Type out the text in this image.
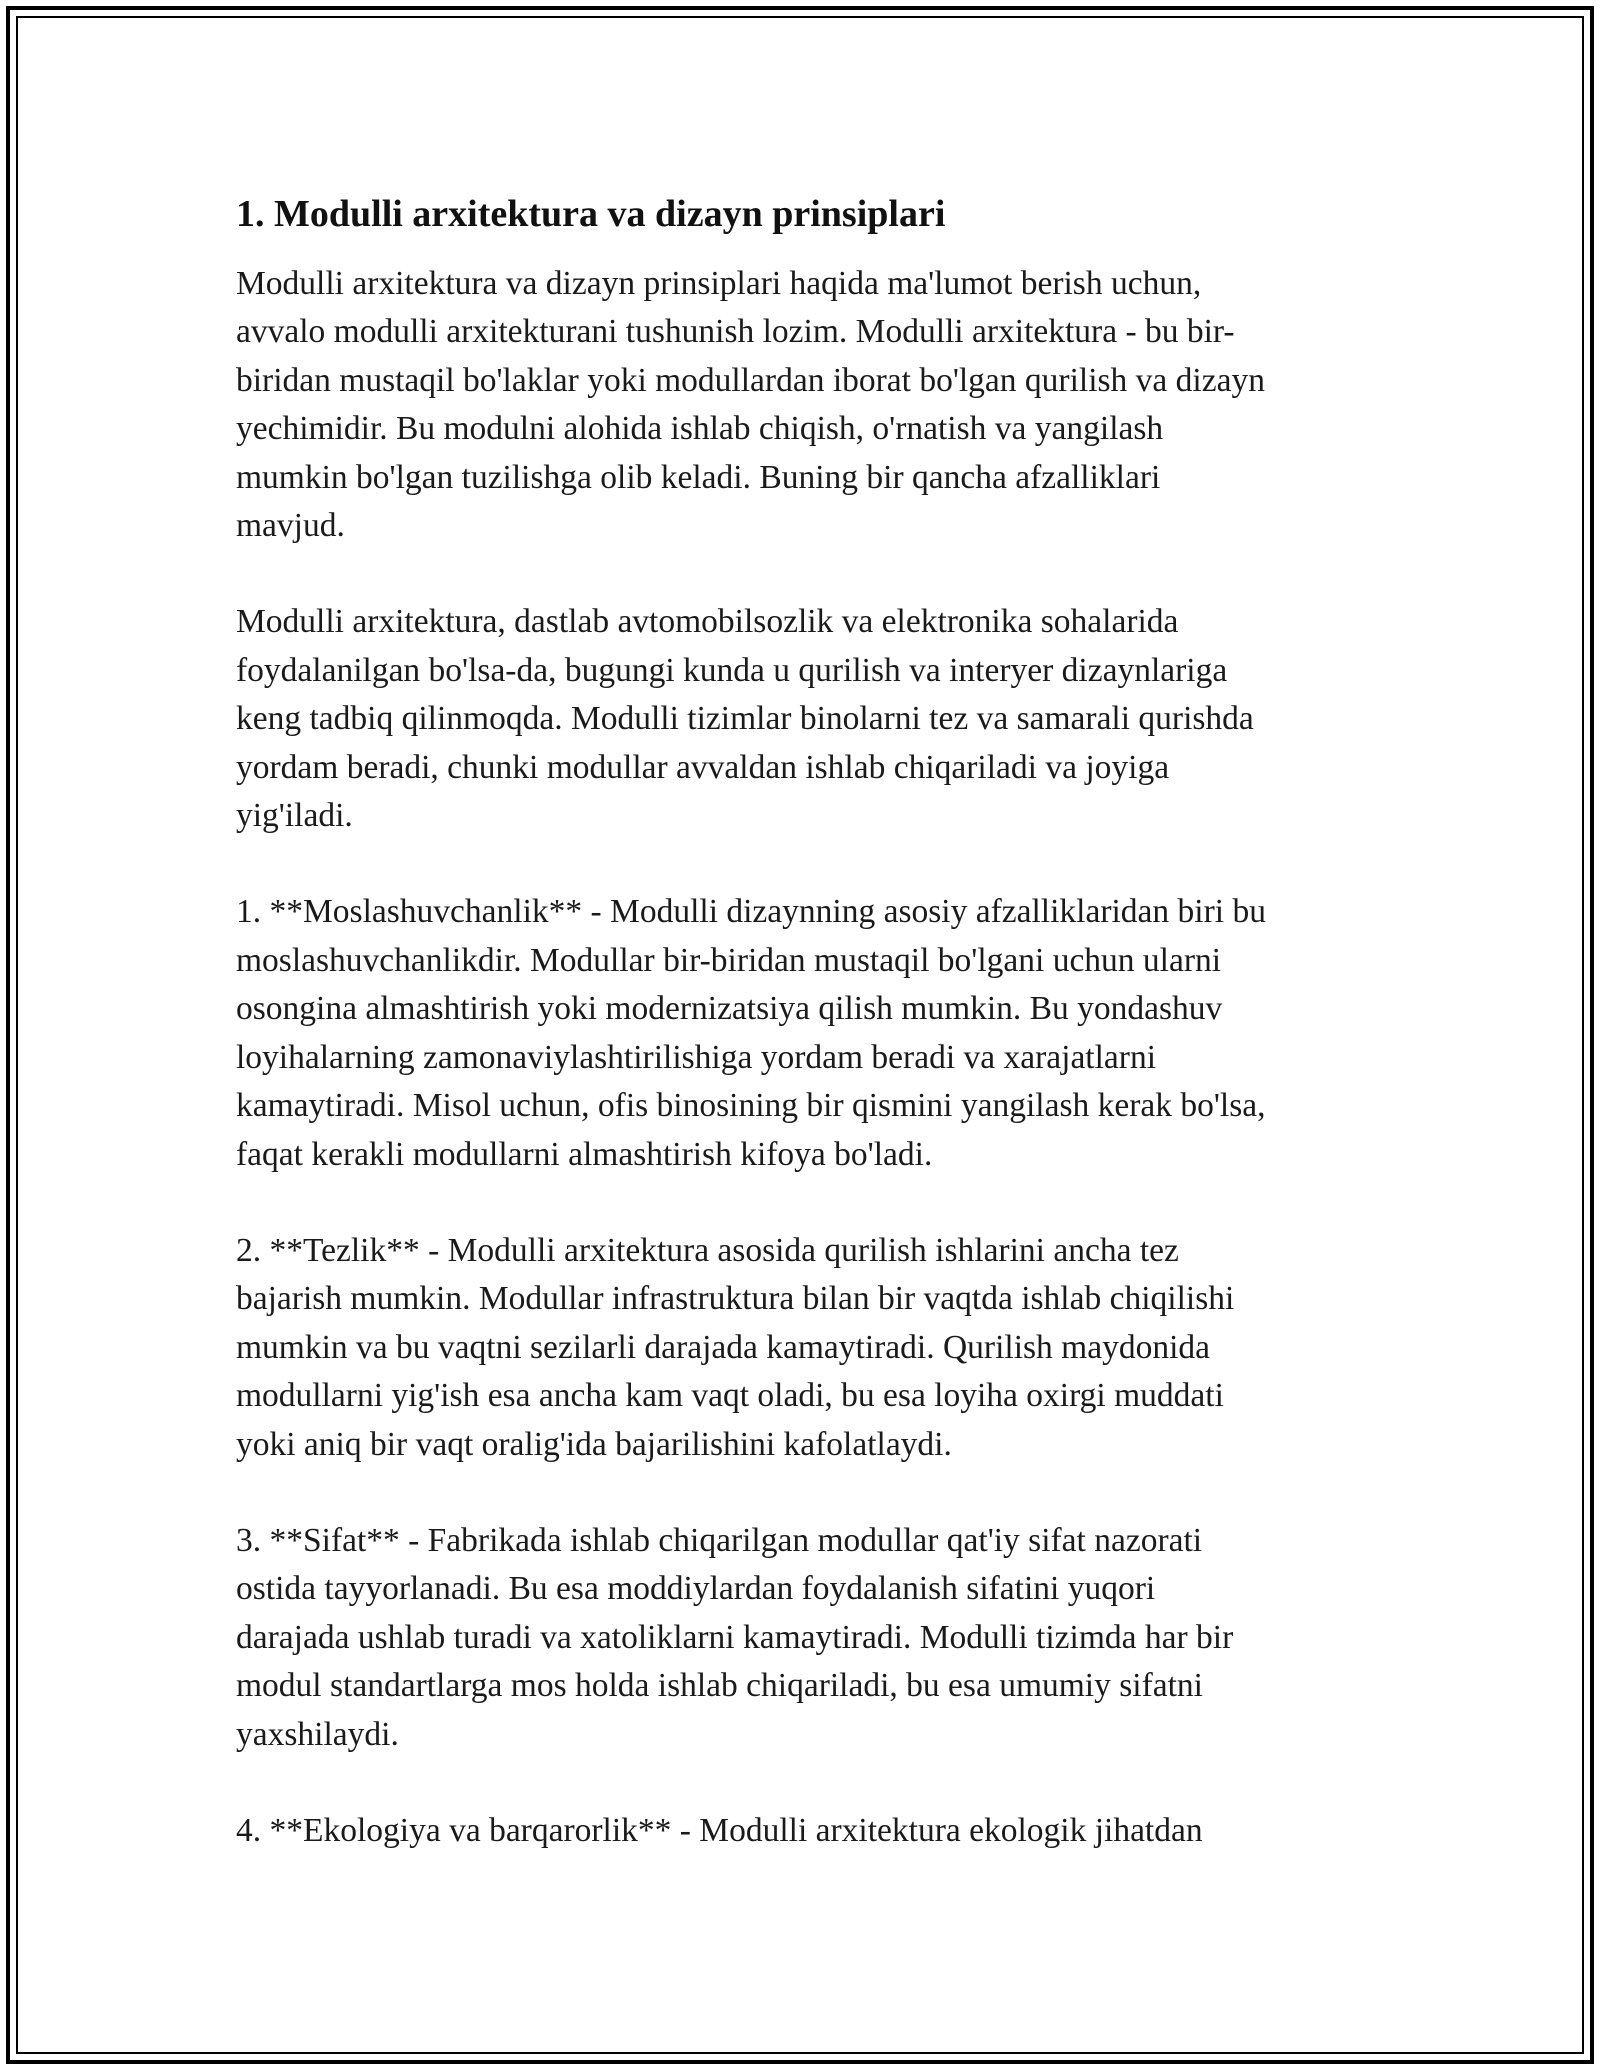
1. Modulli arxitektura va dizayn prinsiplari

Modulli arxitektura va dizayn prinsiplari haqida ma'lumot berish uchun,
avvalo modulli arxitekturani tushunish lozim. Modulli arxitektura - bu bir-
biridan mustaqil bo'laklar yoki modullardan iborat bo'lgan qurilish va dizayn
yechimidir. Bu modulni alohida ishlab chiqish, o'rnatish va yangilash
mumkin bo'lgan tuzilishga olib keladi. Buning bir qancha afzalliklari
mavjud.

Modulli arxitektura, dastlab avtomobilsozlik va elektronika sohalarida
foydalanilgan bo'lsa-da, bugungi kunda u qurilish va interyer dizaynlariga
keng tadbiq qilinmoqda. Modulli tizimlar binolarni tez va samarali qurishda
yordam beradi, chunki modullar avvaldan ishlab chiqariladi va joyiga
yig'iladi.

1. **Moslashuvchanlik** - Modulli dizaynning asosiy afzalliklaridan biri bu
moslashuvchanlikdir. Modullar bir-biridan mustaqil bo'lgani uchun ularni
osongina almashtirish yoki modernizatsiya qilish mumkin. Bu yondashuv
loyihalarning zamonaviylashtirilishiga yordam beradi va xarajatlarni
kamaytiradi. Misol uchun, ofis binosining bir qismini yangilash kerak bo'lsa,
faqat kerakli modullarni almashtirish kifoya bo'ladi.

2. **Tezlik** - Modulli arxitektura asosida qurilish ishlarini ancha tez
bajarish mumkin. Modullar infrastruktura bilan bir vaqtda ishlab chiqilishi
mumkin va bu vaqtni sezilarli darajada kamaytiradi. Qurilish maydonida
modullarni yig'ish esa ancha kam vaqt oladi, bu esa loyiha oxirgi muddati
yoki aniq bir vaqt oralig'ida bajarilishini kafolatlaydi.

3. **Sifat** - Fabrikada ishlab chiqarilgan modullar qat'iy sifat nazorati
ostida tayyorlanadi. Bu esa moddiylardan foydalanish sifatini yuqori
darajada ushlab turadi va xatoliklarni kamaytiradi. Modulli tizimda har bir
modul standartlarga mos holda ishlab chiqariladi, bu esa umumiy sifatni
yaxshilaydi.

4. **Ekologiya va barqarorlik** - Modulli arxitektura ekologik jihatdan
